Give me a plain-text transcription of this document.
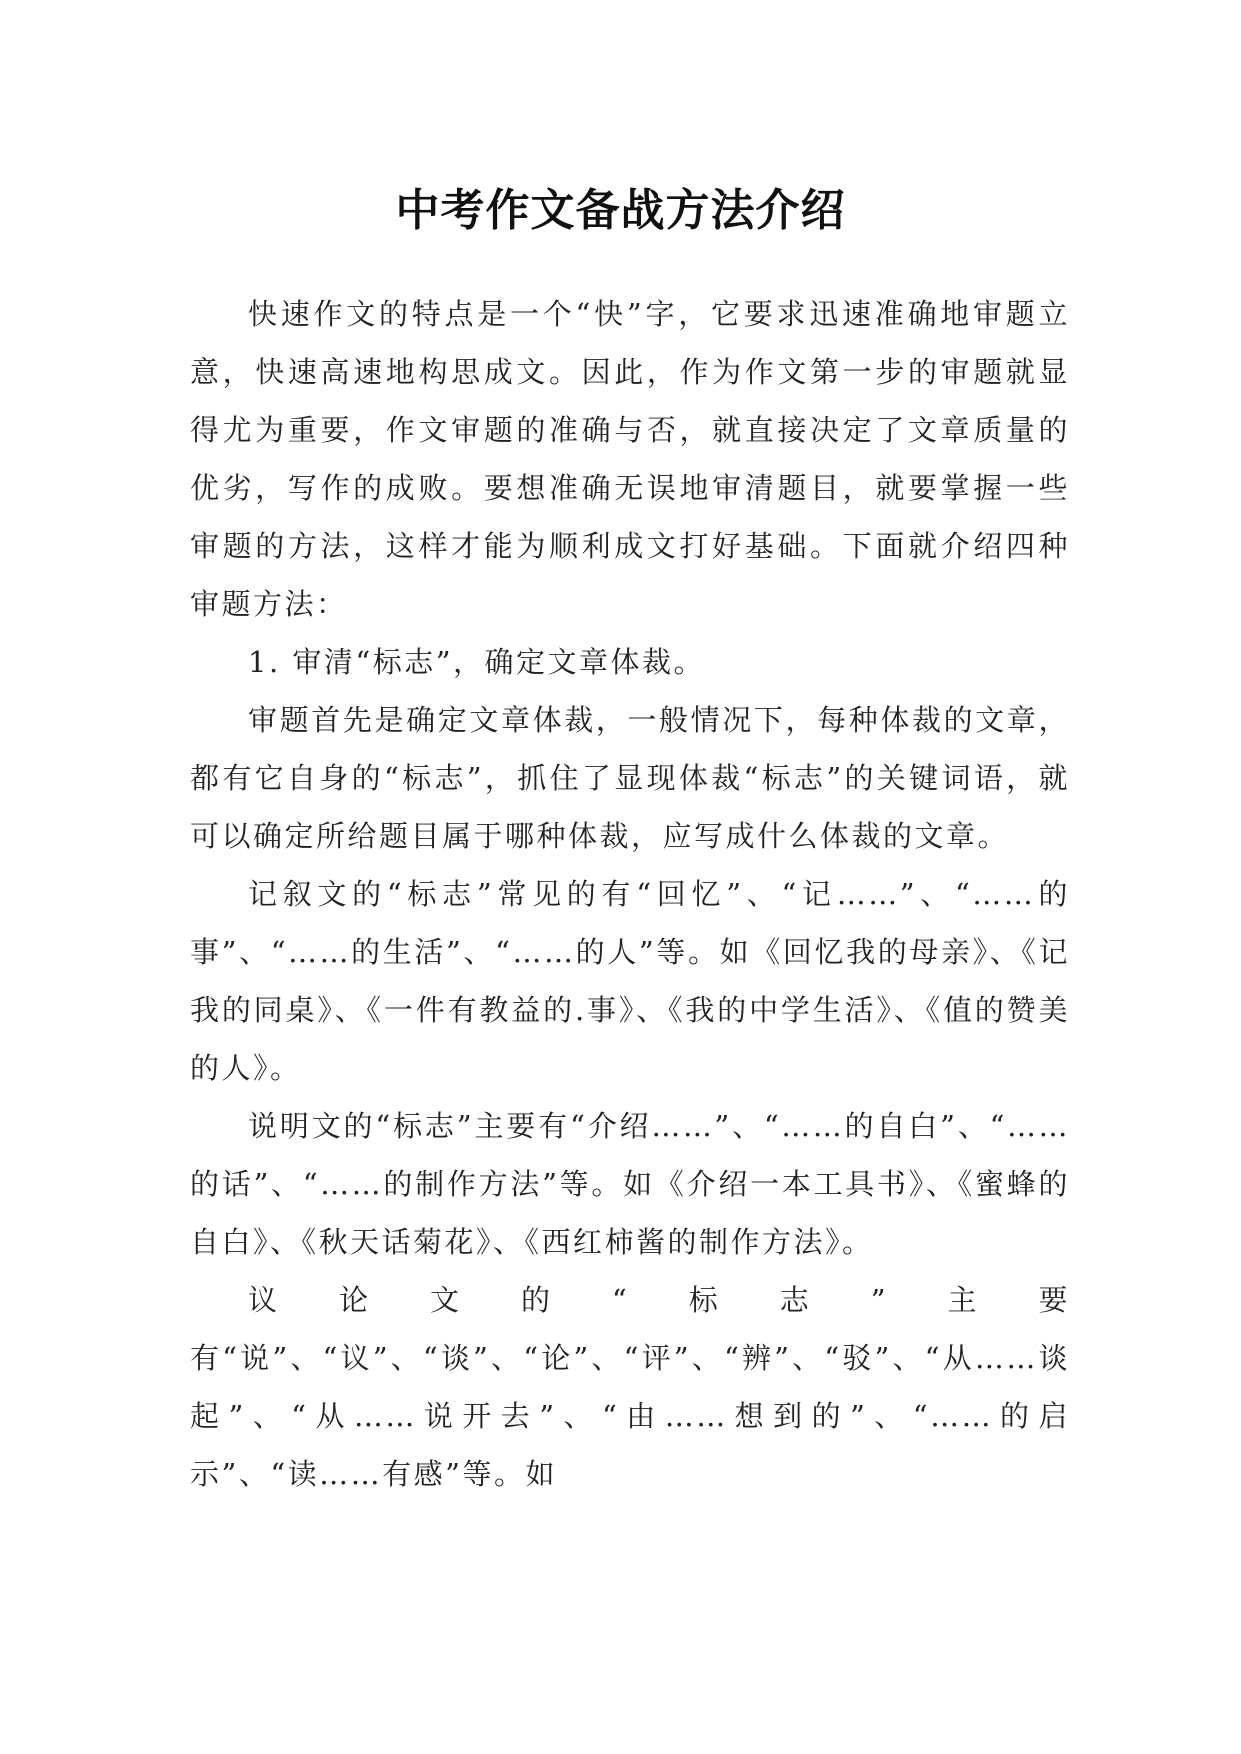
中考作文备战方法介绍

快速作文的特点是一个“快”字，它要求迅速准确地审题立意，快速高速地构思成文。因此，作为作文第一步的审题就显得尤为重要，作文审题的准确与否，就直接决定了文章质量的优劣，写作的成败。要想准确无误地审清题目，就要掌握一些审题的方法，这样才能为顺利成文打好基础。下面就介绍四种审题方法：

1. 审清“标志”，确定文章体裁。

审题首先是确定文章体裁，一般情况下，每种体裁的文章，都有它自身的“标志”，抓住了显现体裁“标志”的关键词语，就可以确定所给题目属于哪种体裁，应写成什么体裁的文章。

记叙文的“标志”常见的有“回忆”、“记……”、“……的事”、“……的生活”、“……的人”等。如《回忆我的母亲》、《记我的同桌》、《一件有教益的.事》、《我的中学生活》、《值的赞美的人》。

说明文的“标志”主要有“介绍……”、“……的自白”、“……的话”、“……的制作方法”等。如《介绍一本工具书》、《蜜蜂的自白》、《秋天话菊花》、《西红柿酱的制作方法》。

议论文的“标志”主要有“说”、“议”、“谈”、“论”、“评”、“辨”、“驳”、“从……谈起”、“从……说开去”、“由……想到的”、“……的启示”、“读……有感”等。如
